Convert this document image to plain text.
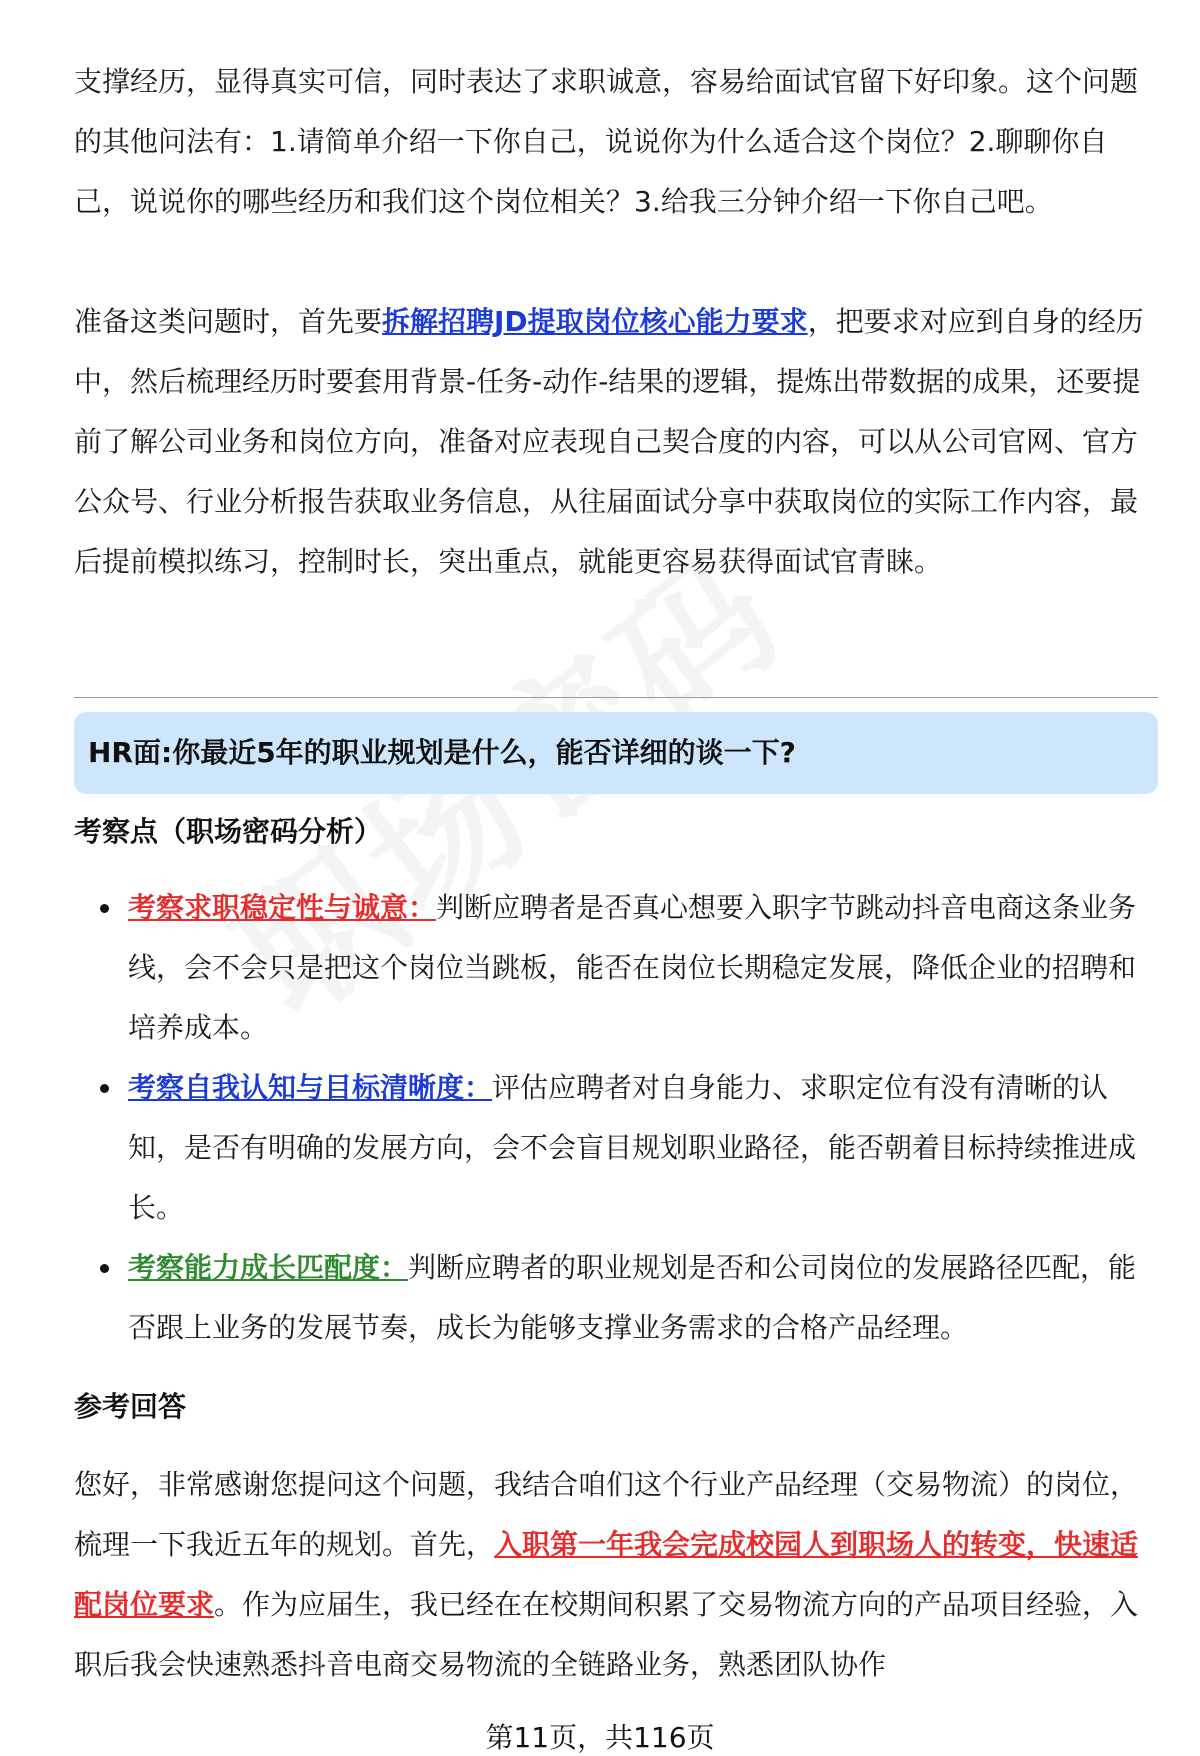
支撑经历，显得真实可信，同时表达了求职诚意，容易给面试官留下好印象。这个问题的其他问法有：1.请简单介绍一下你自己，说说你为什么适合这个岗位？2.聊聊你自己，说说你的哪些经历和我们这个岗位相关？3.给我三分钟介绍一下你自己吧。

准备这类问题时，首先要拆解招聘JD提取岗位核心能力要求，把要求对应到自身的经历中，然后梳理经历时要套用背景-任务-动作-结果的逻辑，提炼出带数据的成果，还要提前了解公司业务和岗位方向，准备对应表现自己契合度的内容，可以从公司官网、官方公众号、行业分析报告获取业务信息，从往届面试分享中获取岗位的实际工作内容，最后提前模拟练习，控制时长，突出重点，就能更容易获得面试官青睐。

HR面:你最近5年的职业规划是什么，能否详细的谈一下?
考察点（职场密码分析）
考察求职稳定性与诚意：判断应聘者是否真心想要入职字节跳动抖音电商这条业务线，会不会只是把这个岗位当跳板，能否在岗位长期稳定发展，降低企业的招聘和培养成本。
考察自我认知与目标清晰度：评估应聘者对自身能力、求职定位有没有清晰的认知，是否有明确的发展方向，会不会盲目规划职业路径，能否朝着目标持续推进成长。
考察能力成长匹配度：判断应聘者的职业规划是否和公司岗位的发展路径匹配，能否跟上业务的发展节奏，成长为能够支撑业务需求的合格产品经理。
参考回答

您好，非常感谢您提问这个问题，我结合咱们这个行业产品经理（交易物流）的岗位，梳理一下我近五年的规划。首先，入职第一年我会完成校园人到职场人的转变，快速适配岗位要求。作为应届生，我已经在在校期间积累了交易物流方向的产品项目经验，入职后我会快速熟悉抖音电商交易物流的全链路业务，熟悉团队协作

第11页，共116页
